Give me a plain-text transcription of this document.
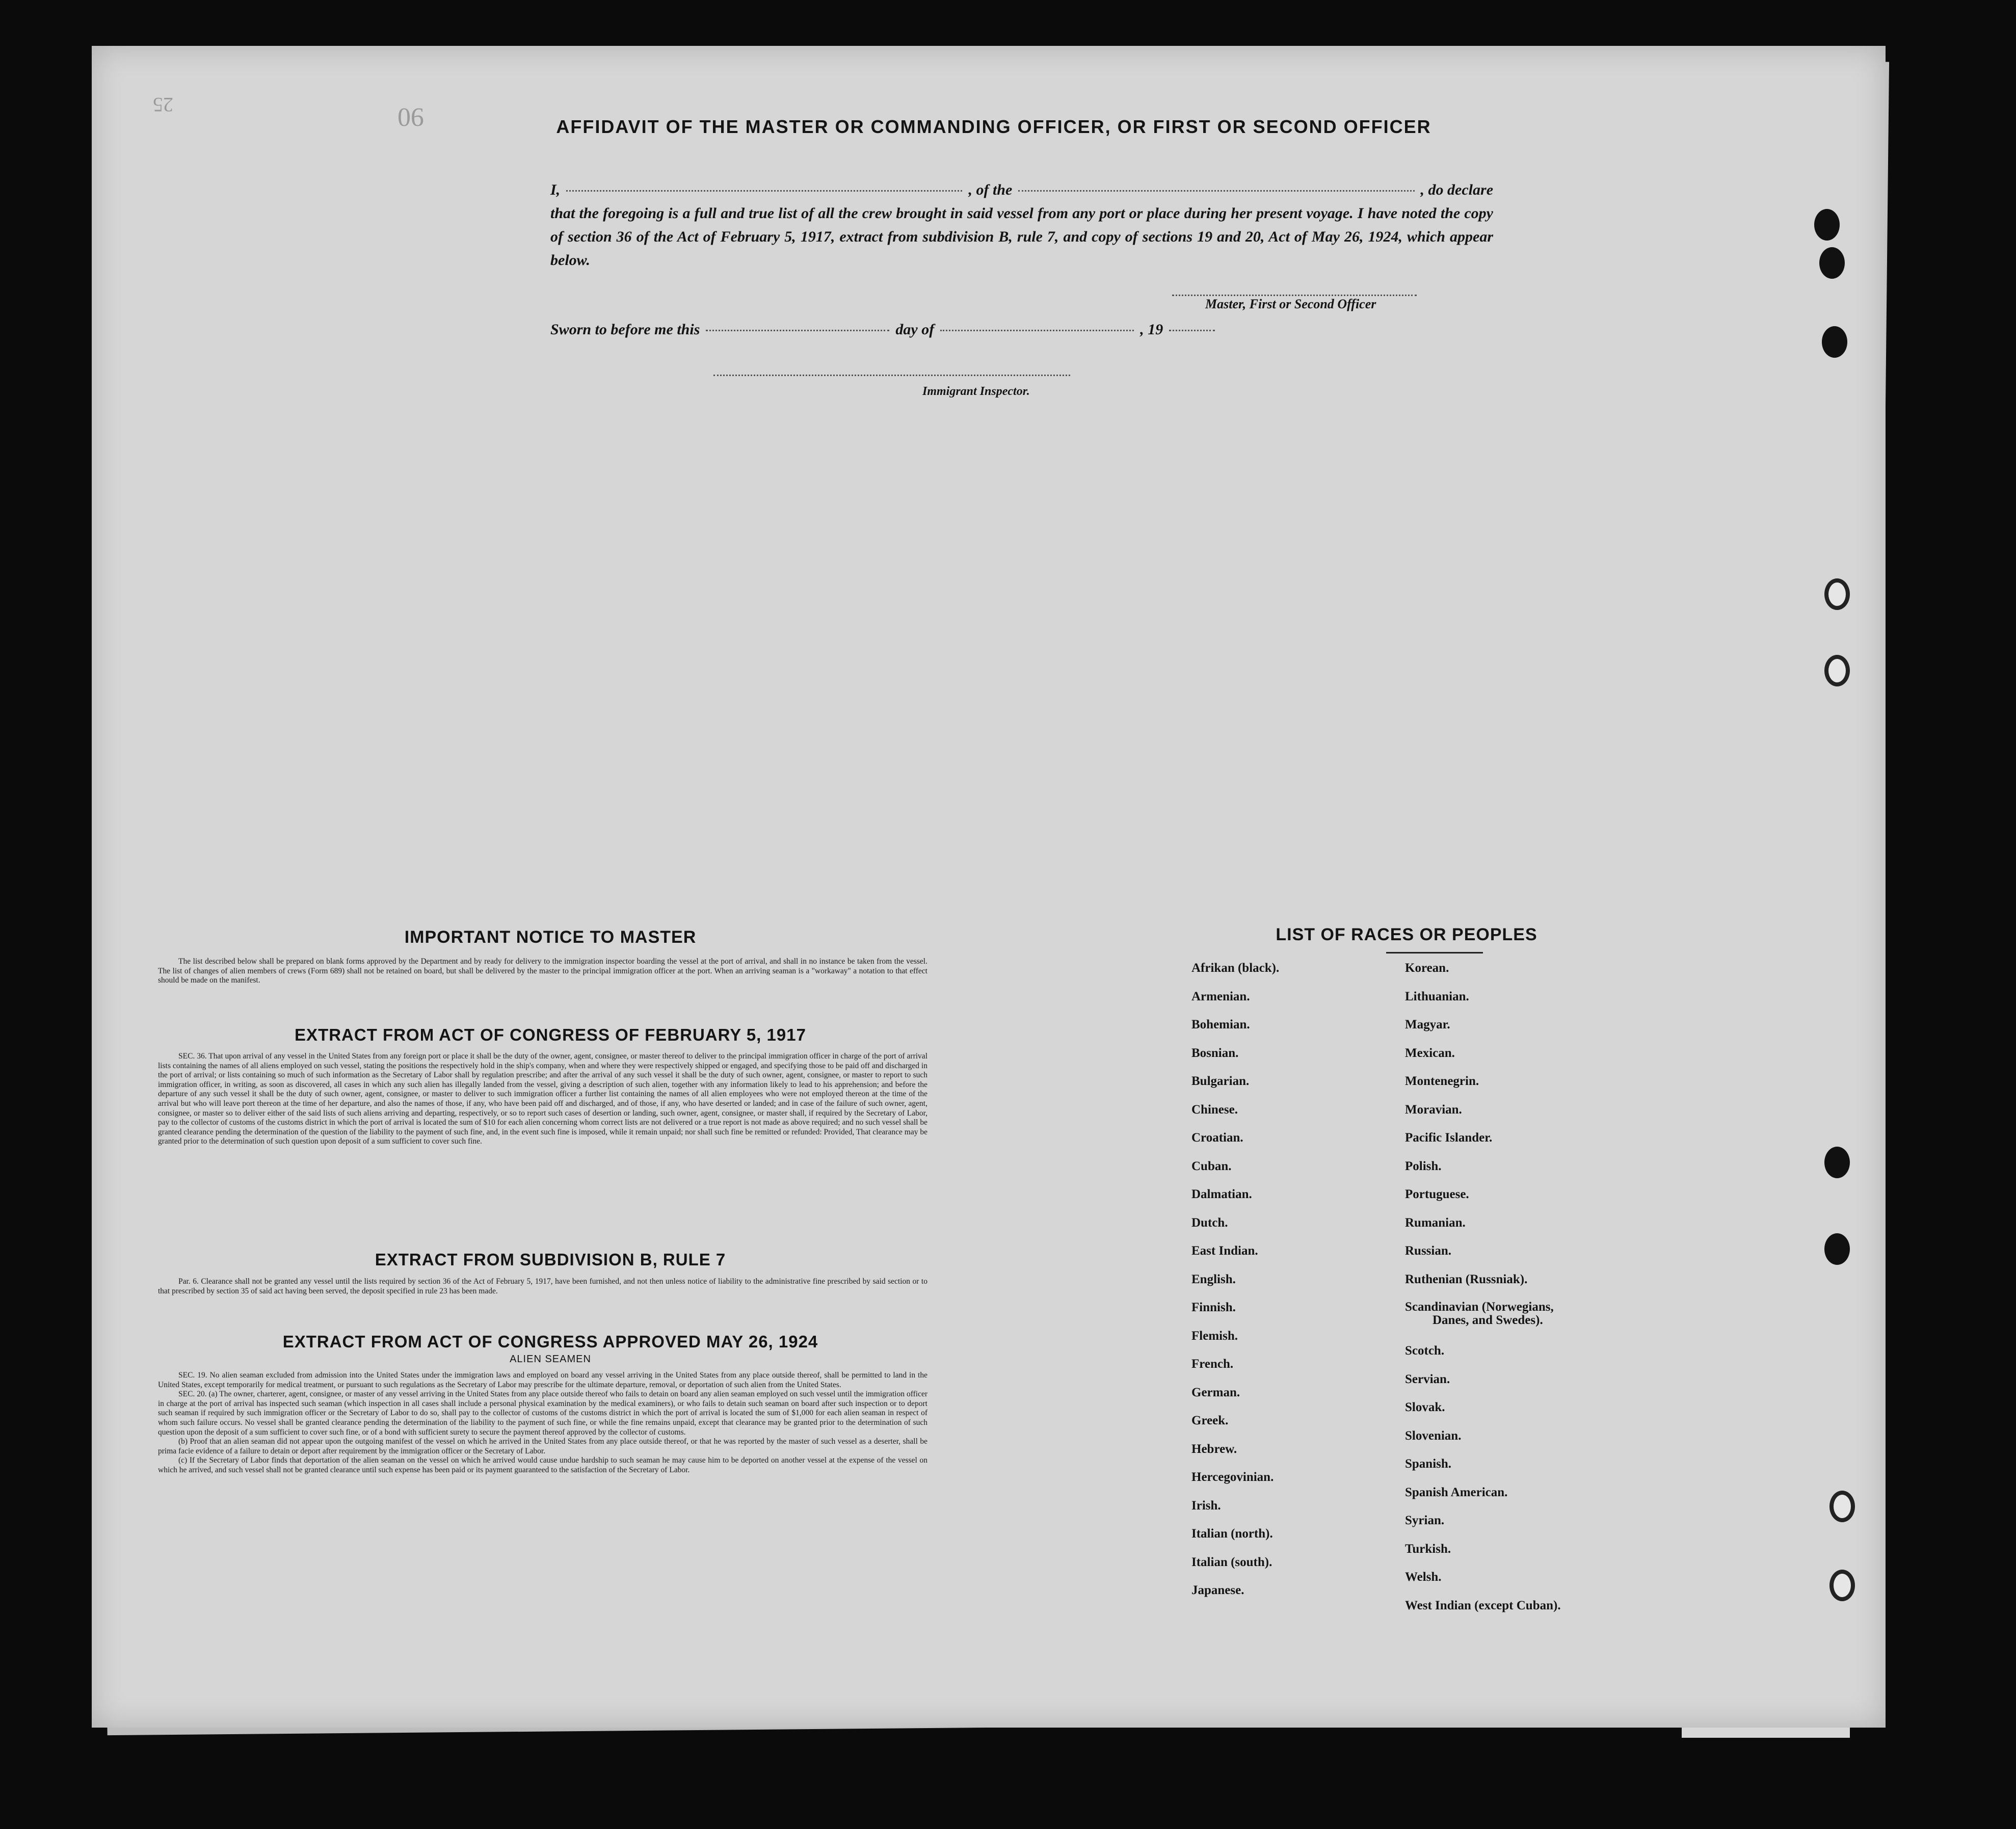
25	90	AFFIDAVIT OF THE MASTER OR COMMANDING OFFICER, OR FIRST OR SECOND OFFICER
I,	, of the	, do declare
that the foregoing is a full and true list of all the crew brought in said vessel from any port or place during her present voyage. I have noted the copy of section 36 of the Act of February 5, 1917, extract from subdivision B, rule 7, and copy of sections 19 and 20, Act of May 26, 1924, which appear below.
Master, First or Second Officer
Sworn to before me this	day of	, 19
Immigrant Inspector.
IMPORTANT NOTICE TO MASTER

The list described below shall be prepared on blank forms approved by the Department and by ready for delivery to the immigration inspector boarding the vessel at the port of arrival, and shall in no instance be taken from the vessel. The list of changes of alien members of crews (Form 689) shall not be retained on board, but shall be delivered by the master to the principal immigration officer at the port. When an arriving seaman is a "workaway" a notation to that effect should be made on the manifest.

EXTRACT FROM ACT OF CONGRESS OF FEBRUARY 5, 1917

SEC. 36. That upon arrival of any vessel in the United States from any foreign port or place it shall be the duty of the owner, agent, consignee, or master thereof to deliver to the principal immigration officer in charge of the port of arrival lists containing the names of all aliens employed on such vessel, stating the positions the respectively hold in the ship's company, when and where they were respectively shipped or engaged, and specifying those to be paid off and discharged in the port of arrival; or lists containing so much of such information as the Secretary of Labor shall by regulation prescribe; and after the arrival of any such vessel it shall be the duty of such owner, agent, consignee, or master to report to such immigration officer, in writing, as soon as discovered, all cases in which any such alien has illegally landed from the vessel, giving a description of such alien, together with any information likely to lead to his apprehension; and before the departure of any such vessel it shall be the duty of such owner, agent, consignee, or master to deliver to such immigration officer a further list containing the names of all alien employees who were not employed thereon at the time of the arrival but who will leave port thereon at the time of her departure, and also the names of those, if any, who have been paid off and discharged, and of those, if any, who have deserted or landed; and in case of the failure of such owner, agent, consignee, or master so to deliver either of the said lists of such aliens arriving and departing, respectively, or so to report such cases of desertion or landing, such owner, agent, consignee, or master shall, if required by the Secretary of Labor, pay to the collector of customs of the customs district in which the port of arrival is located the sum of $10 for each alien concerning whom correct lists are not delivered or a true report is not made as above required; and no such vessel shall be granted clearance pending the determination of the question of the liability to the payment of such fine, and, in the event such fine is imposed, while it remain unpaid; nor shall such fine be remitted or refunded: Provided, That clearance may be granted prior to the determination of such question upon deposit of a sum sufficient to cover such fine.

EXTRACT FROM SUBDIVISION B, RULE 7

Par. 6. Clearance shall not be granted any vessel until the lists required by section 36 of the Act of February 5, 1917, have been furnished, and not then unless notice of liability to the administrative fine prescribed by said section or to that prescribed by section 35 of said act having been served, the deposit specified in rule 23 has been made.

EXTRACT FROM ACT OF CONGRESS APPROVED MAY 26, 1924
ALIEN SEAMEN

SEC. 19. No alien seaman excluded from admission into the United States under the immigration laws and employed on board any vessel arriving in the United States from any place outside thereof, shall be permitted to land in the United States, except temporarily for medical treatment, or pursuant to such regulations as the Secretary of Labor may prescribe for the ultimate departure, removal, or deportation of such alien from the United States.

SEC. 20. (a) The owner, charterer, agent, consignee, or master of any vessel arriving in the United States from any place outside thereof who fails to detain on board any alien seaman employed on such vessel until the immigration officer in charge at the port of arrival has inspected such seaman (which inspection in all cases shall include a personal physical examination by the medical examiners), or who fails to detain such seaman on board after such inspection or to deport such seaman if required by such immigration officer or the Secretary of Labor to do so, shall pay to the collector of customs of the customs district in which the port of arrival is located the sum of $1,000 for each alien seaman in respect of whom such failure occurs. No vessel shall be granted clearance pending the determination of the liability to the payment of such fine, or while the fine remains unpaid, except that clearance may be granted prior to the determination of such question upon the deposit of a sum sufficient to cover such fine, or of a bond with sufficient surety to secure the payment thereof approved by the collector of customs.

(b) Proof that an alien seaman did not appear upon the outgoing manifest of the vessel on which he arrived in the United States from any place outside thereof, or that he was reported by the master of such vessel as a deserter, shall be prima facie evidence of a failure to detain or deport after requirement by the immigration officer or the Secretary of Labor.

(c) If the Secretary of Labor finds that deportation of the alien seaman on the vessel on which he arrived would cause undue hardship to such seaman he may cause him to be deported on another vessel at the expense of the vessel on which he arrived, and such vessel shall not be granted clearance until such expense has been paid or its payment guaranteed to the satisfaction of the Secretary of Labor.

LIST OF RACES OR PEOPLES
Afrikan (black).
Armenian.
Bohemian.
Bosnian.
Bulgarian.
Chinese.
Croatian.
Cuban.
Dalmatian.
Dutch.
East Indian.
English.
Finnish.
Flemish.
French.
German.
Greek.
Hebrew.
Hercegovinian.
Irish.
Italian (north).
Italian (south).
Japanese.
Korean.
Lithuanian.
Magyar.
Mexican.
Montenegrin.
Moravian.
Pacific Islander.
Polish.
Portuguese.
Rumanian.
Russian.
Ruthenian (Russniak).
Scandinavian (Norwegians,
Danes, and Swedes).
Scotch.
Servian.
Slovak.
Slovenian.
Spanish.
Spanish American.
Syrian.
Turkish.
Welsh.
West Indian (except Cuban).
